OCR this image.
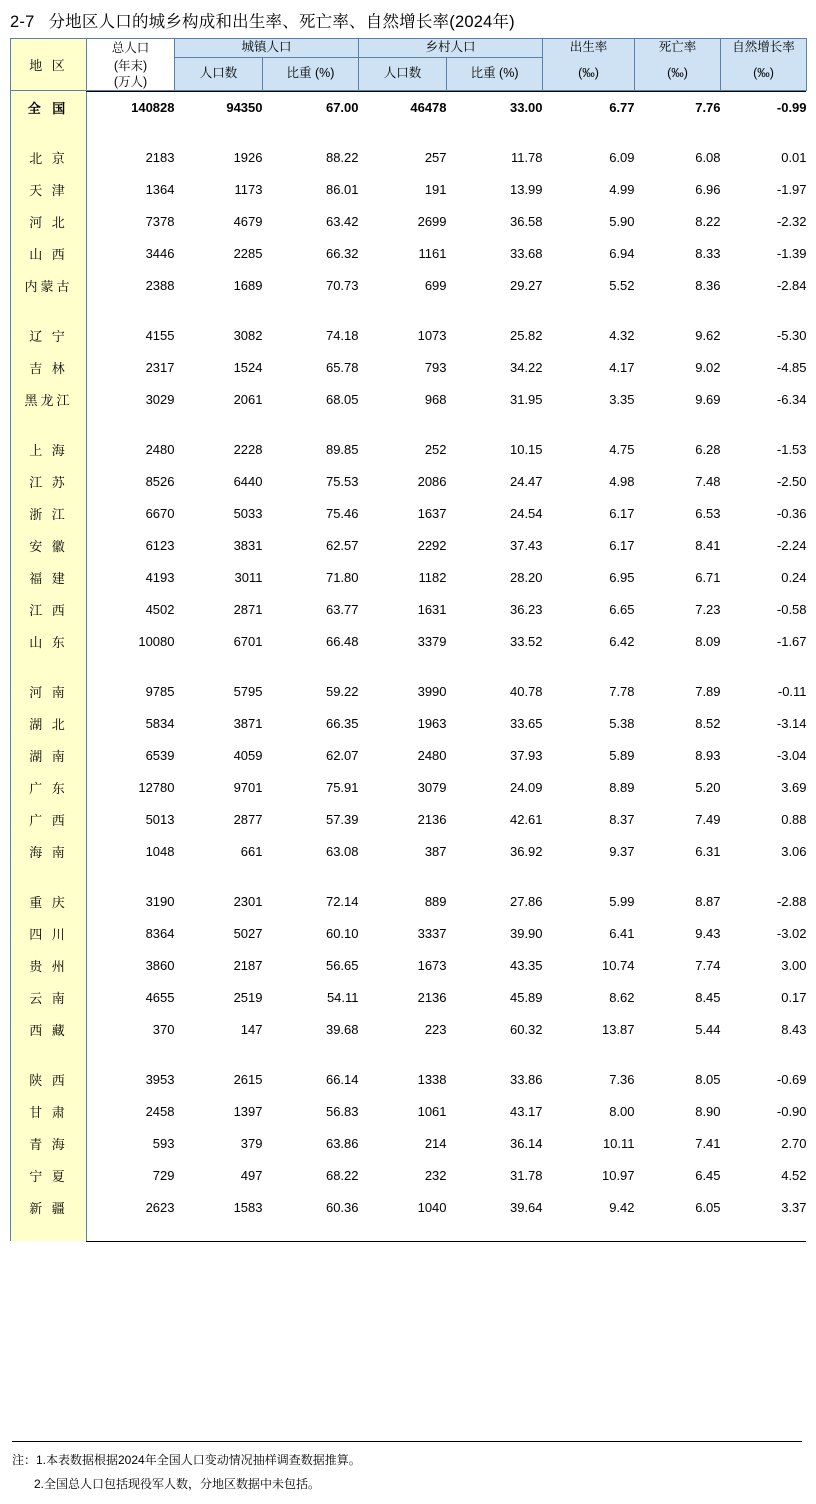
2-7 分地区人口的城乡构成和出生率、死亡率、自然增长率(2024年)
地 区	总人口	城镇人口		乡村人口		出生率	死亡率	自然增长率
	(年末)	人口数	比重 (%)	人口数	比重 (%)	(‰)	(‰)	(‰)
	(万人)							
全 国	140828	94350	67.00	46478	33.00	6.77	7.76	-0.99

北 京	2183	1926	88.22	257	11.78	6.09	6.08	0.01
天 津	1364	1173	86.01	191	13.99	4.99	6.96	-1.97
河 北	7378	4679	63.42	2699	36.58	5.90	8.22	-2.32
山 西	3446	2285	66.32	1161	33.68	6.94	8.33	-1.39
内蒙古	2388	1689	70.73	699	29.27	5.52	8.36	-2.84

辽 宁	4155	3082	74.18	1073	25.82	4.32	9.62	-5.30
吉 林	2317	1524	65.78	793	34.22	4.17	9.02	-4.85
黑龙江	3029	2061	68.05	968	31.95	3.35	9.69	-6.34

上 海	2480	2228	89.85	252	10.15	4.75	6.28	-1.53
江 苏	8526	6440	75.53	2086	24.47	4.98	7.48	-2.50
浙 江	6670	5033	75.46	1637	24.54	6.17	6.53	-0.36
安 徽	6123	3831	62.57	2292	37.43	6.17	8.41	-2.24
福 建	4193	3011	71.80	1182	28.20	6.95	6.71	0.24
江 西	4502	2871	63.77	1631	36.23	6.65	7.23	-0.58
山 东	10080	6701	66.48	3379	33.52	6.42	8.09	-1.67

河 南	9785	5795	59.22	3990	40.78	7.78	7.89	-0.11
湖 北	5834	3871	66.35	1963	33.65	5.38	8.52	-3.14
湖 南	6539	4059	62.07	2480	37.93	5.89	8.93	-3.04
广 东	12780	9701	75.91	3079	24.09	8.89	5.20	3.69
广 西	5013	2877	57.39	2136	42.61	8.37	7.49	0.88
海 南	1048	661	63.08	387	36.92	9.37	6.31	3.06

重 庆	3190	2301	72.14	889	27.86	5.99	8.87	-2.88
四 川	8364	5027	60.10	3337	39.90	6.41	9.43	-3.02
贵 州	3860	2187	56.65	1673	43.35	10.74	7.74	3.00
云 南	4655	2519	54.11	2136	45.89	8.62	8.45	0.17
西 藏	370	147	39.68	223	60.32	13.87	5.44	8.43

陕 西	3953	2615	66.14	1338	33.86	7.36	8.05	-0.69
甘 肃	2458	1397	56.83	1061	43.17	8.00	8.90	-0.90
青 海	593	379	63.86	214	36.14	10.11	7.41	2.70
宁 夏	729	497	68.22	232	31.78	10.97	6.45	4.52
新 疆	2623	1583	60.36	1040	39.64	9.42	6.05	3.37

注：1.本表数据根据2024年全国人口变动情况抽样调查数据推算。
2.全国总人口包括现役军人数，分地区数据中未包括。
